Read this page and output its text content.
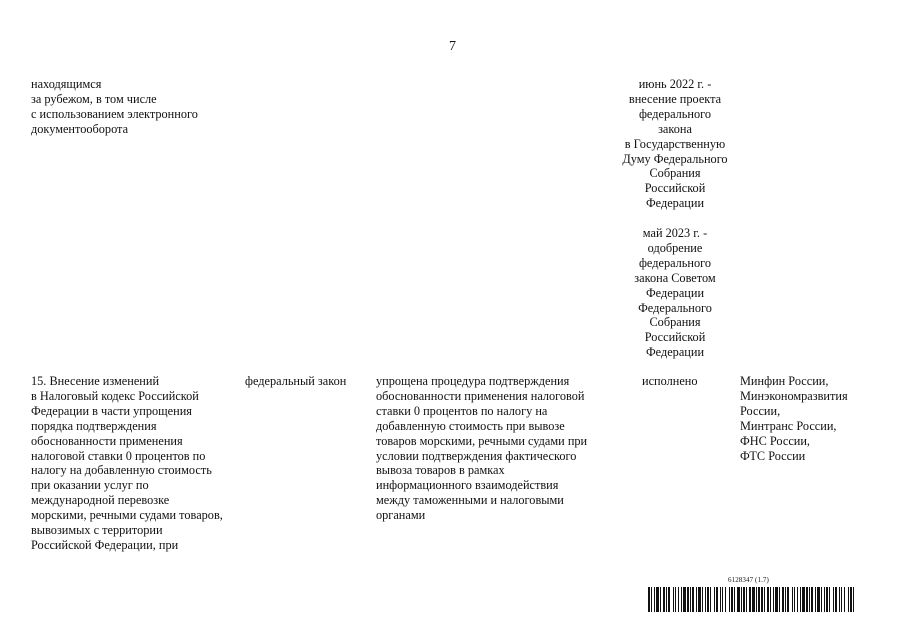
7
находящимся
за рубежом, в том числе
с использованием электронного
документооборота
июнь 2022 г. -
внесение проекта
федерального
закона
в Государственную
Думу Федерального
Собрания
Российской
Федерации
май 2023 г. -
одобрение
федерального
закона Советом
Федерации
Федерального
Собрания
Российской
Федерации
15. Внесение изменений
в Налоговый кодекс Российской
Федерации в части упрощения
порядка подтверждения
обоснованности применения
налоговой ставки 0 процентов по
налогу на добавленную стоимость
при оказании услуг по
международной перевозке
морскими, речными судами товаров,
вывозимых с территории
Российской Федерации, при
федеральный закон упрощена процедура подтверждения
обоснованности применения налоговой
ставки 0 процентов по налогу на
добавленную стоимость при вывозе
товаров морскими, речными судами при
условии подтверждения фактического
вывоза товаров в рамках
информационного взаимодействия
между таможенными и налоговыми
органами
исполнено	Минфин России,
Минэкономразвития
России,
Минтранс России,
ФНС России,
ФТС России
6128347 (1.7)
